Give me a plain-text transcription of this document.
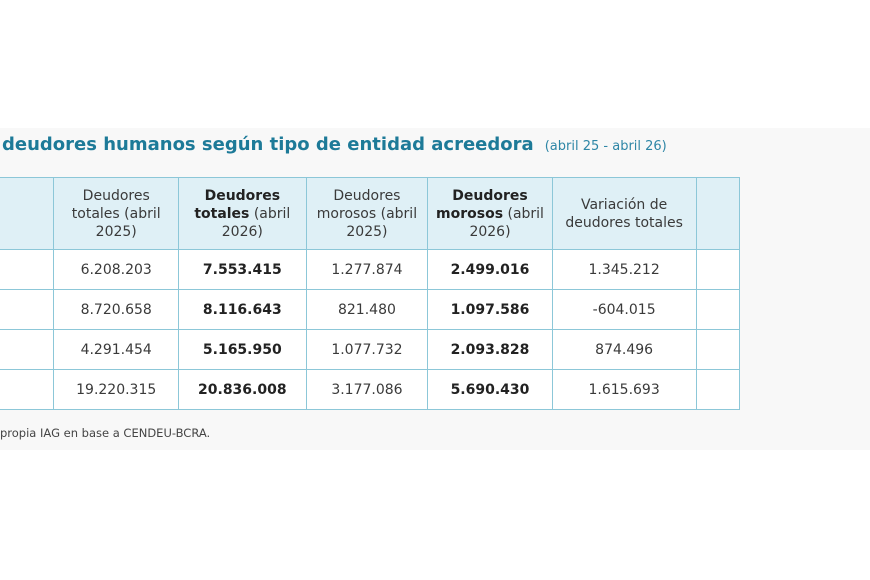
deudores humanos según tipo de entidad acreedora (abril 25 - abril 26)
	Deudores totales (abril 2025)	Deudores totales (abril 2026)	Deudores morosos (abril 2025)	Deudores morosos (abril 2026)	Variación de deudores totales	
	6.208.203	7.553.415	1.277.874	2.499.016	1.345.212	
	8.720.658	8.116.643	821.480	1.097.586	-604.015	
	4.291.454	5.165.950	1.077.732	2.093.828	874.496	
	19.220.315	20.836.008	3.177.086	5.690.430	1.615.693	
propia IAG en base a CENDEU-BCRA.
